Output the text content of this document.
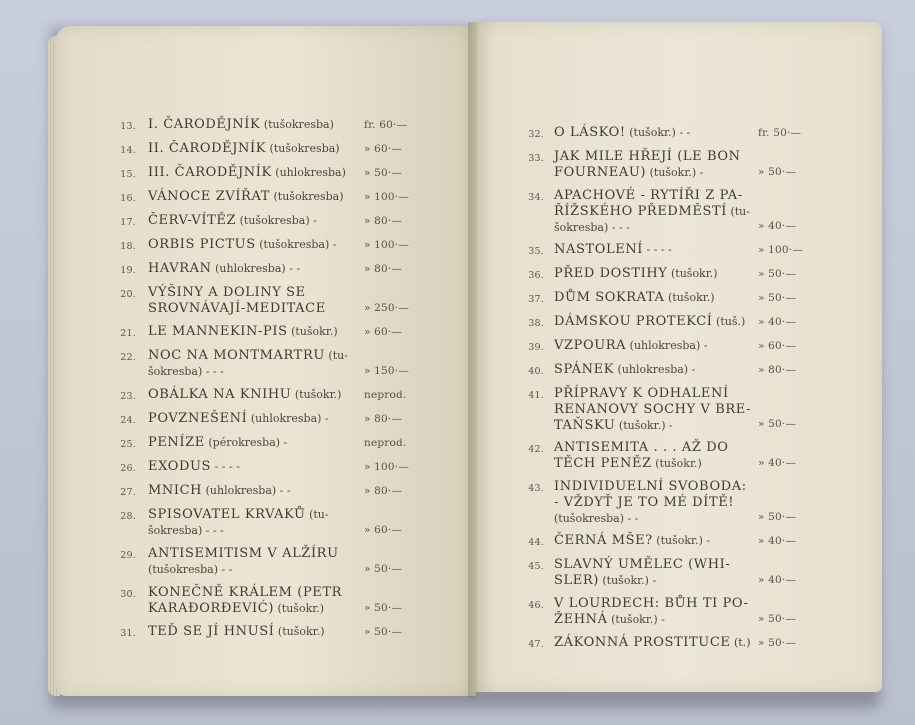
13. I. ČARODĚJNÍK (tušokresba)	fr. 60·—
14. II. ČARODĚJNÍK (tušokresba) » 60·—
15. III. ČARODĚJNÍK (uhlokresba) » 50·—
16. VÁNOCE ZVÍŘAT (tušokresba) » 100·—
17. ČERV-VÍTĚZ (tušokresba) -	» 80·—
18. ORBIS PICTUS (tušokresba) -	» 100·—
19. HAVRAN (uhlokresba) - -	» 80·—
20. VÝŠINY A DOLINY SE
SROVNÁVAJÍ-MEDITACE	» 250·—
21. LE MANNEKIN-PIS (tušokr.)	» 60·—
22. NOC NA MONTMARTRU (tu-
šokresba) - - -	» 150·—
23. OBÁLKA NA KNIHU (tušokr.) neprod.
24. POVZNEŠENÍ (uhlokresba) -	» 80·—
25. PENÍZE (pérokresba) -	neprod.
26. EXODUS - - - -	» 100·—
27. MNICH (uhlokresba) - -	» 80·—
28. SPISOVATEL KRVAKŮ (tu-
šokresba) - - -	» 60·—
29. ANTISEMITISM V ALŽÍRU
(tušokresba) - -	» 50·—
30. KONEČNĚ KRÁLEM (PETR
KARAĐORĐEVIĆ) (tušokr.)	» 50·—
31. TEĎ SE JÍ HNUSÍ (tušokr.)	» 50·—
32. O LÁSKO! (tušokr.) - -	fr. 50·—
33. JAK MILE HŘEJÍ (LE BON
FOURNEAU) (tušokr.) -	» 50·—
34. APACHOVÉ - RYTÍŘI Z PA-
ŘÍŽSKÉHO PŘEDMĚSTÍ (tu-
šokresba) - - -	» 40·—
35. NASTOLENÍ - - - -	» 100·—
36. PŘED DOSTIHY (tušokr.)	» 50·—
37. DŮM SOKRATA (tušokr.)	» 50·—
38. DÁMSKOU PROTEKCÍ (tuš.) » 40·—
39. VZPOURA (uhlokresba) -	» 60·—
40. SPÁNEK (uhlokresba) -	» 80·—
41. PŘÍPRAVY K ODHALENÍ
RENANOVY SOCHY V BRE-
TAŇSKU (tušokr.) -	» 50·—
42. ANTISEMITA . . . AŽ DO
TĚCH PENĚZ (tušokr.)	» 40·—
43. INDIVIDUELNÍ SVOBODA:
- VŽDYŤ JE TO MÉ DÍTĚ!
(tušokresba) - -	» 50·—
44. ČERNÁ MŠE? (tušokr.) -	» 40·—
45. SLAVNÝ UMĚLEC (WHI-
SLER) (tušokr.) -	» 40·—
46. V LOURDECH: BŮH TI PO-
ŽEHNÁ (tušokr.) -	» 50·—
47. ZÁKONNÁ PROSTITUCE (t.) » 50·—
